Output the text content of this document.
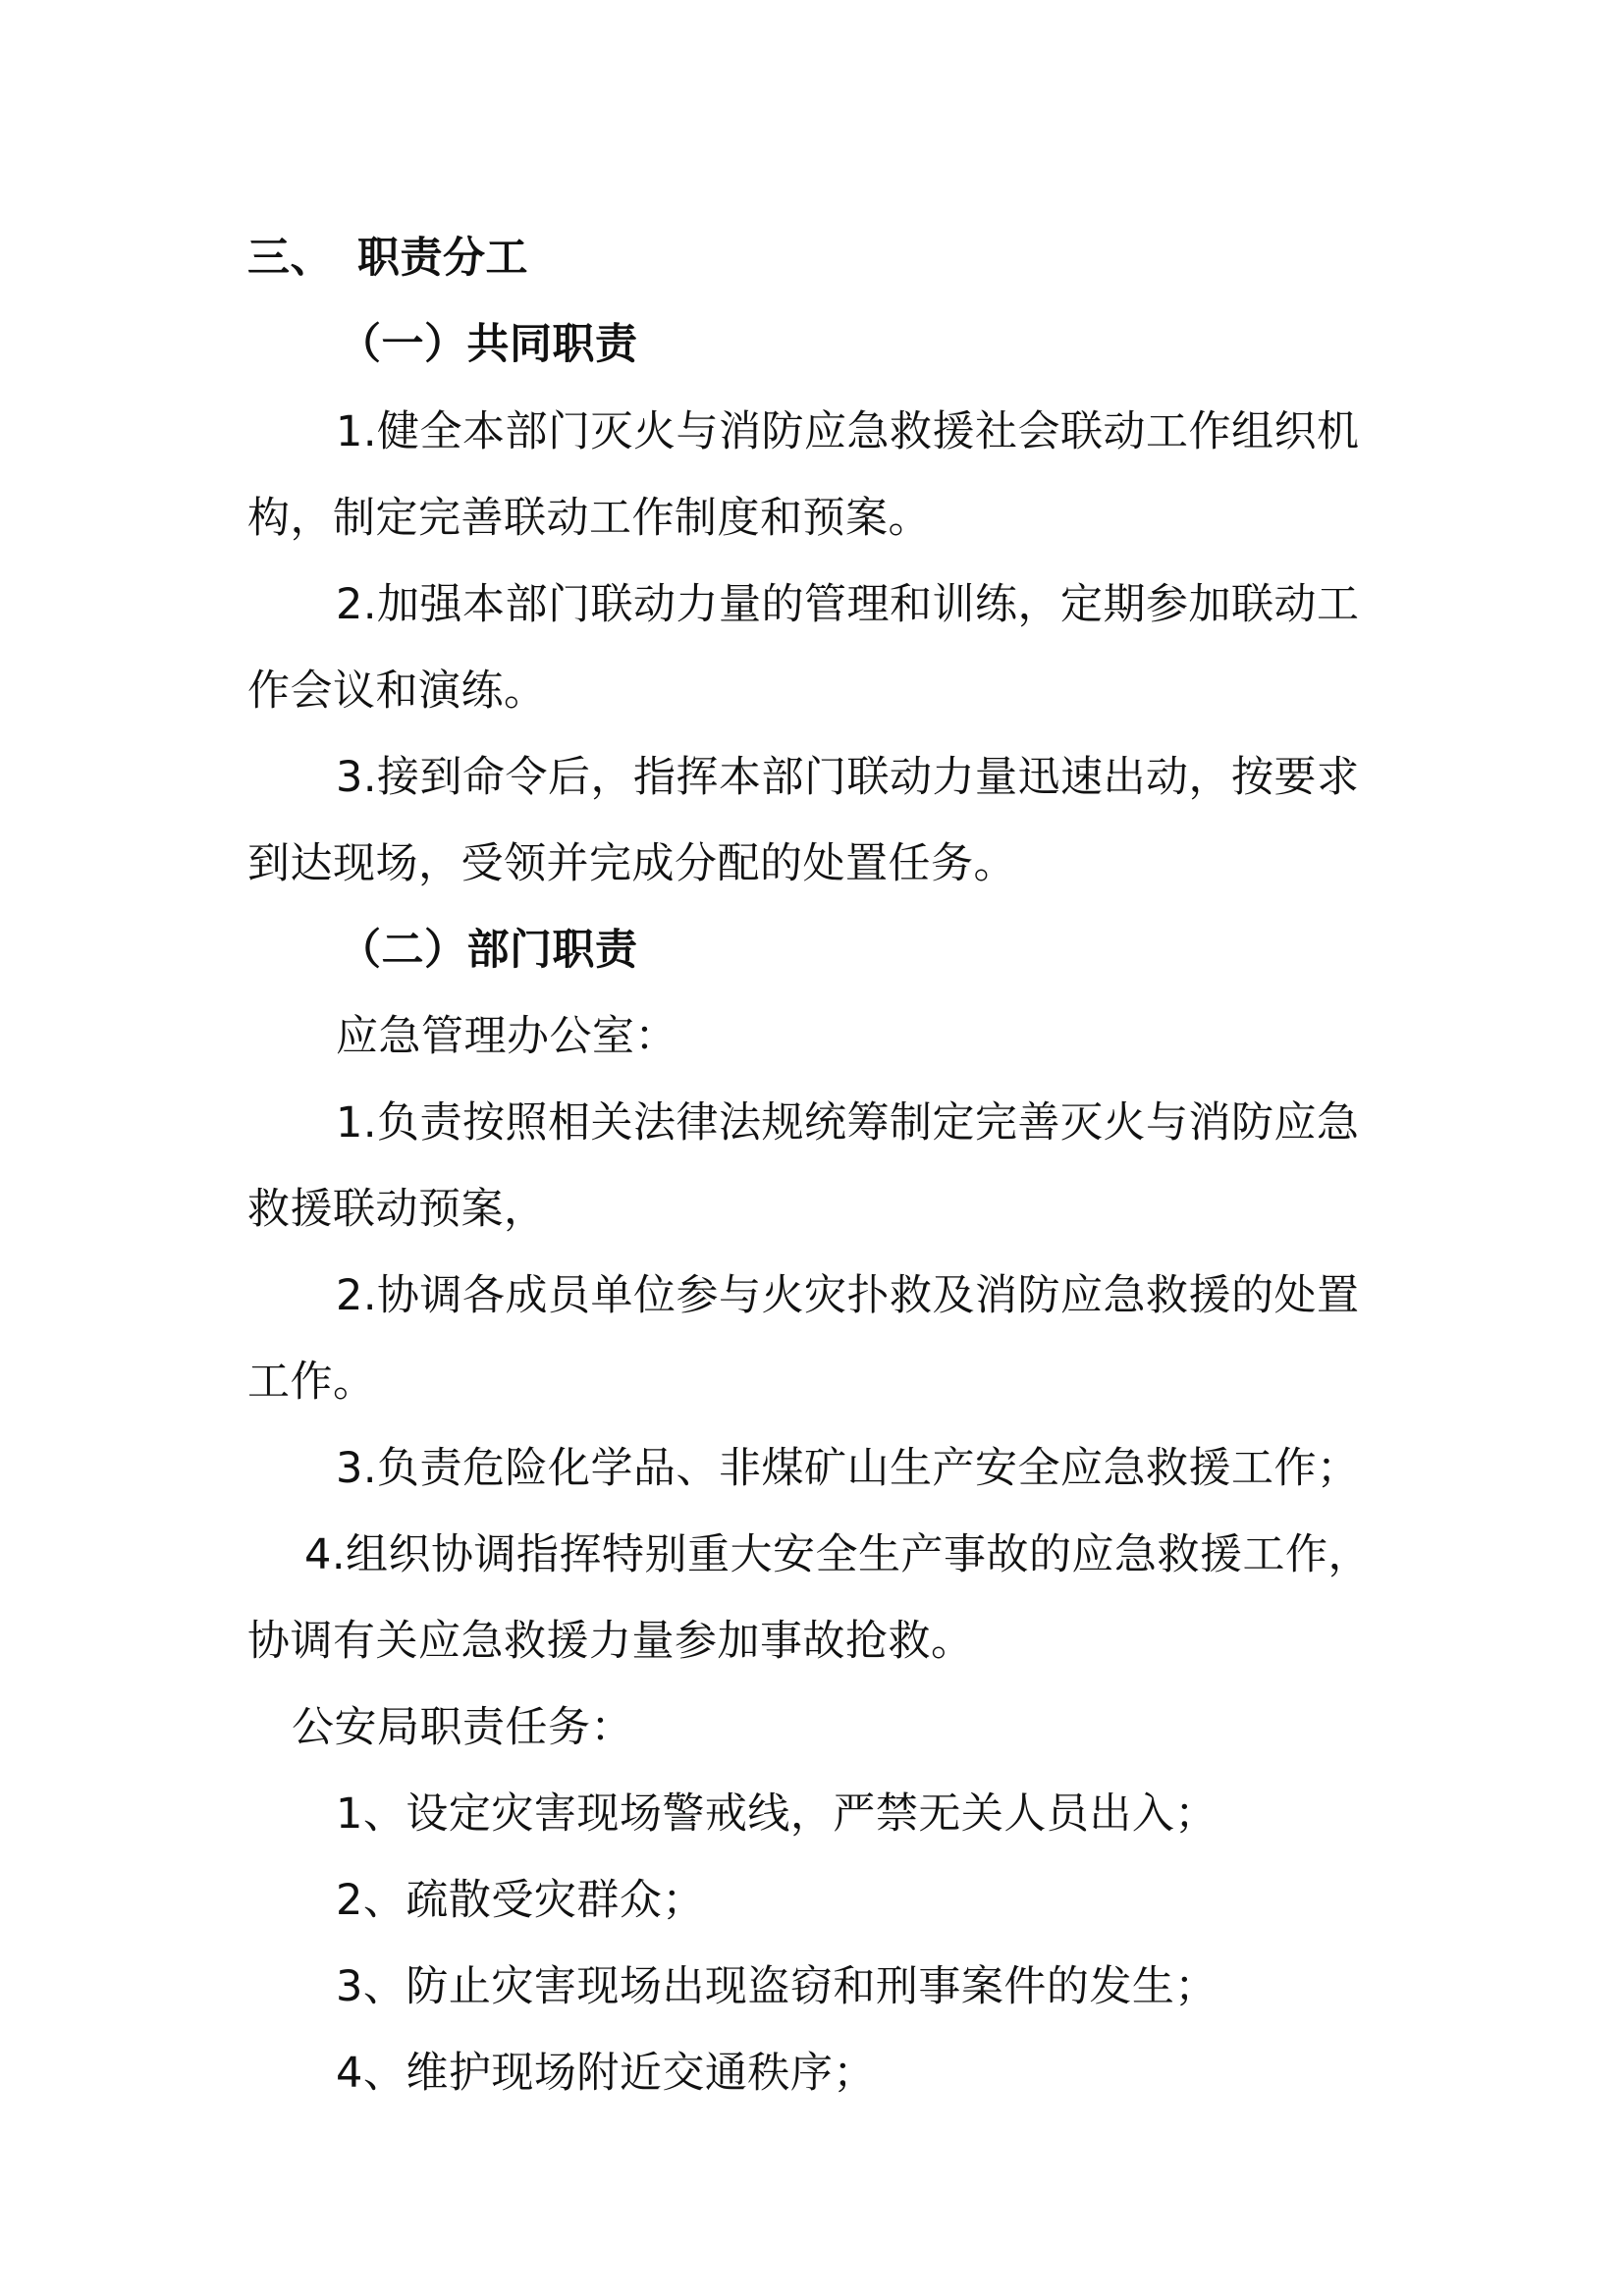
三、 职责分工
（一）共同职责
1.健全本部门灭火与消防应急救援社会联动工作组织机
构，制定完善联动工作制度和预案。
2.加强本部门联动力量的管理和训练，定期参加联动工
作会议和演练。
3.接到命令后，指挥本部门联动力量迅速出动，按要求
到达现场，受领并完成分配的处置任务。
（二）部门职责
应急管理办公室：
1.负责按照相关法律法规统筹制定完善灭火与消防应急
救援联动预案，
2.协调各成员单位参与火灾扑救及消防应急救援的处置
工作。
3.负责危险化学品、非煤矿山生产安全应急救援工作；
4.组织协调指挥特别重大安全生产事故的应急救援工作，
协调有关应急救援力量参加事故抢救。
公安局职责任务：
1、设定灾害现场警戒线，严禁无关人员出入；
2、疏散受灾群众；
3、防止灾害现场出现盗窃和刑事案件的发生；
4、维护现场附近交通秩序；
